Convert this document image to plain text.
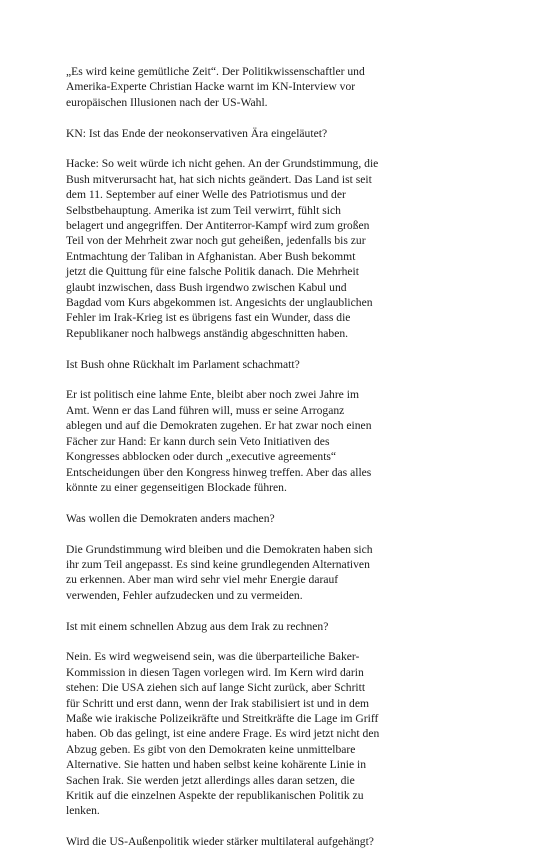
„Es wird keine gemütliche Zeit“. Der Politikwissenschaftler und
Amerika-Experte Christian Hacke warnt im KN-Interview vor
europäischen Illusionen nach der US-Wahl.

KN: Ist das Ende der neokonservativen Ära eingeläutet?

Hacke: So weit würde ich nicht gehen. An der Grundstimmung, die
Bush mitverursacht hat, hat sich nichts geändert. Das Land ist seit
dem 11. September auf einer Welle des Patriotismus und der
Selbstbehauptung. Amerika ist zum Teil verwirrt, fühlt sich
belagert und angegriffen. Der Antiterror-Kampf wird zum großen
Teil von der Mehrheit zwar noch gut geheißen, jedenfalls bis zur
Entmachtung der Taliban in Afghanistan. Aber Bush bekommt
jetzt die Quittung für eine falsche Politik danach. Die Mehrheit
glaubt inzwischen, dass Bush irgendwo zwischen Kabul und
Bagdad vom Kurs abgekommen ist. Angesichts der unglaublichen
Fehler im Irak-Krieg ist es übrigens fast ein Wunder, dass die
Republikaner noch halbwegs anständig abgeschnitten haben.

Ist Bush ohne Rückhalt im Parlament schachmatt?

Er ist politisch eine lahme Ente, bleibt aber noch zwei Jahre im
Amt. Wenn er das Land führen will, muss er seine Arroganz
ablegen und auf die Demokraten zugehen. Er hat zwar noch einen
Fächer zur Hand: Er kann durch sein Veto Initiativen des
Kongresses abblocken oder durch „executive agreements“
Entscheidungen über den Kongress hinweg treffen. Aber das alles
könnte zu einer gegenseitigen Blockade führen.

Was wollen die Demokraten anders machen?

Die Grundstimmung wird bleiben und die Demokraten haben sich
ihr zum Teil angepasst. Es sind keine grundlegenden Alternativen
zu erkennen. Aber man wird sehr viel mehr Energie darauf
verwenden, Fehler aufzudecken und zu vermeiden.

Ist mit einem schnellen Abzug aus dem Irak zu rechnen?

Nein. Es wird wegweisend sein, was die überparteiliche Baker-
Kommission in diesen Tagen vorlegen wird. Im Kern wird darin
stehen: Die USA ziehen sich auf lange Sicht zurück, aber Schritt
für Schritt und erst dann, wenn der Irak stabilisiert ist und in dem
Maße wie irakische Polizeikräfte und Streitkräfte die Lage im Griff
haben. Ob das gelingt, ist eine andere Frage. Es wird jetzt nicht den
Abzug geben. Es gibt von den Demokraten keine unmittelbare
Alternative. Sie hatten und haben selbst keine kohärente Linie in
Sachen Irak. Sie werden jetzt allerdings alles daran setzen, die
Kritik auf die einzelnen Aspekte der republikanischen Politik zu
lenken.

Wird die US-Außenpolitik wieder stärker multilateral aufgehängt?
